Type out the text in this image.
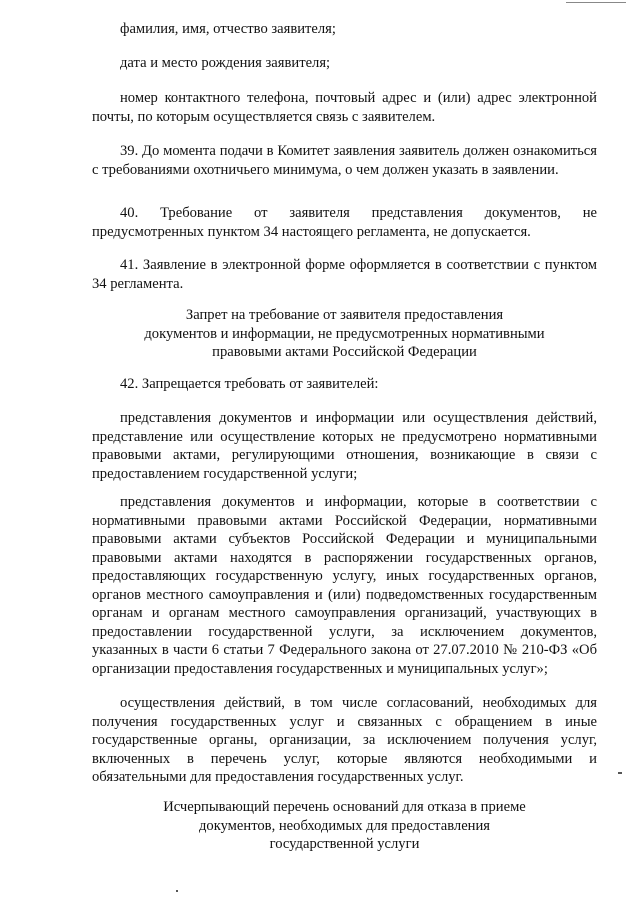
фамилия, имя, отчество заявителя;

дата и место рождения заявителя;

номер контактного телефона, почтовый адрес и (или) адрес электронной почты, по которым осуществляется связь с заявителем.

39. До момента подачи в Комитет заявления заявитель должен ознакомиться с требованиями охотничьего минимума, о чем должен указать в заявлении.

40. Требование от заявителя представления документов, не предусмотренных пунктом 34 настоящего регламента, не допускается.

41. Заявление в электронной форме оформляется в соответствии с пунктом 34 регламента.

Запрет на требование от заявителя предоставления
документов и информации, не предусмотренных нормативными
правовыми актами Российской Федерации

42. Запрещается требовать от заявителей:

представления документов и информации или осуществления действий, представление или осуществление которых не предусмотрено нормативными правовыми актами, регулирующими отношения, возникающие в связи с предоставлением государственной услуги;

представления документов и информации, которые в соответствии с нормативными правовыми актами Российской Федерации, нормативными правовыми актами субъектов Российской Федерации и муниципальными правовыми актами находятся в распоряжении государственных органов, предоставляющих государственную услугу, иных государственных органов, органов местного самоуправления и (или) подведомственных государственным органам и органам местного самоуправления организаций, участвующих в предоставлении государственной услуги, за исключением документов, указанных в части 6 статьи 7 Федерального закона от 27.07.2010 № 210-ФЗ «Об организации предоставления государственных и муниципальных услуг»;

осуществления действий, в том числе согласований, необходимых для получения государственных услуг и связанных с обращением в иные государственные органы, организации, за исключением получения услуг, включенных в перечень услуг, которые являются необходимыми и обязательными для предоставления государственных услуг.

Исчерпывающий перечень оснований для отказа в приеме
документов, необходимых для предоставления
государственной услуги
